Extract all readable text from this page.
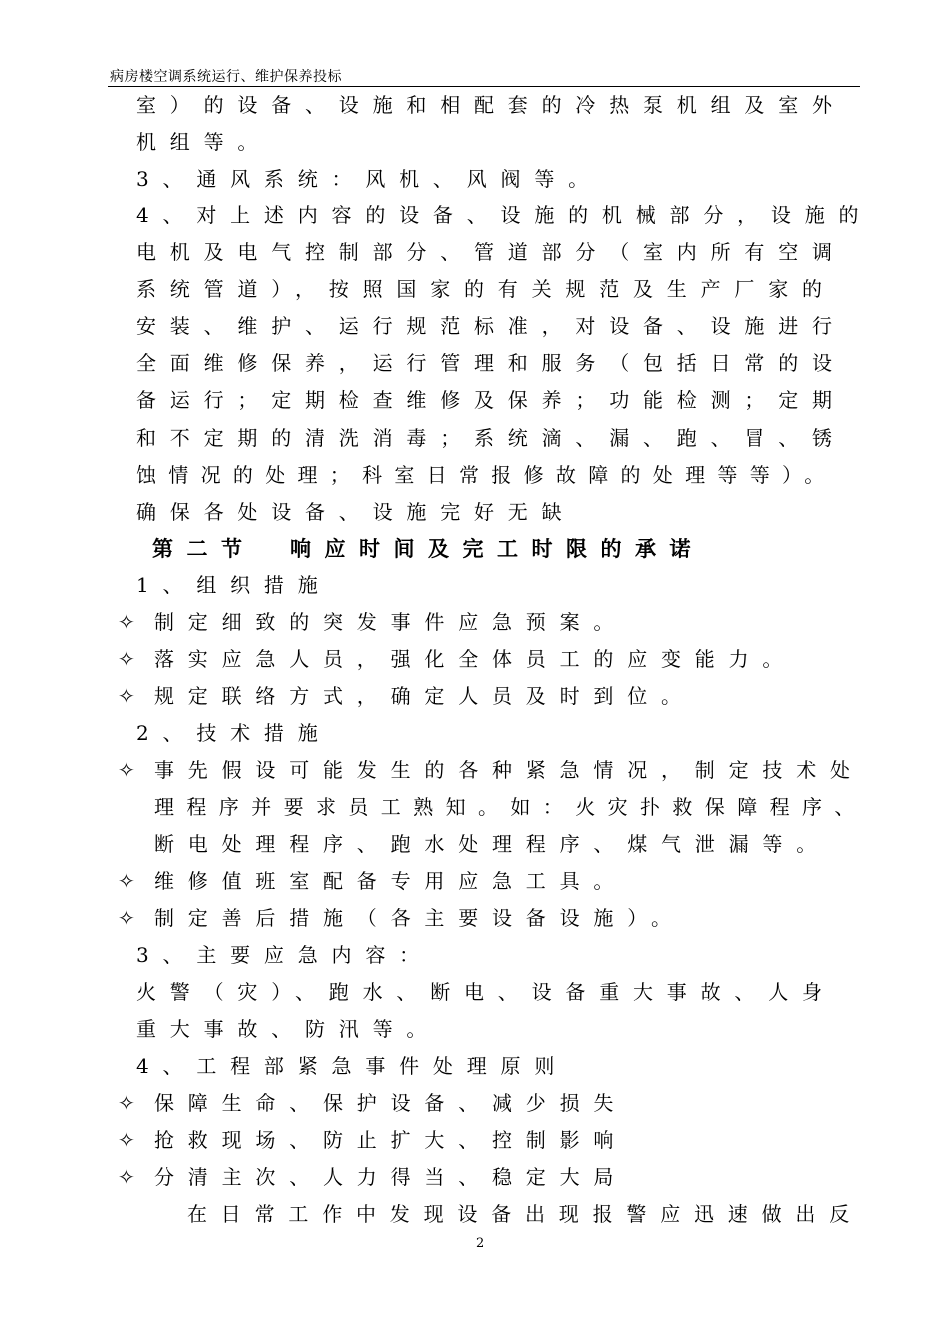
病房楼空调系统运行、维护保养投标
室）的设备、设施和相配套的冷热泵机组及室外
机组等。
3、通风系统：风机、风阀等。
4、对上述内容的设备、设施的机械部分，设施的
电机及电气控制部分、管道部分（室内所有空调
系统管道），按照国家的有关规范及生产厂家的
安装、维护、运行规范标准，对设备、设施进行
全面维修保养，运行管理和服务（包括日常的设
备运行；定期检查维修及保养；功能检测；定期
和不定期的清洗消毒；系统滴、漏、跑、冒、锈
蚀情况的处理；科室日常报修故障的处理等等）。
确保各处设备、设施完好无缺
第二节　响应时间及完工时限的承诺
1、组织措施
✧ 制定细致的突发事件应急预案。
✧ 落实应急人员，强化全体员工的应变能力。
✧ 规定联络方式，确定人员及时到位。
2、技术措施
✧ 事先假设可能发生的各种紧急情况，制定技术处
理程序并要求员工熟知。如：火灾扑救保障程序、
断电处理程序、跑水处理程序、煤气泄漏等。
✧ 维修值班室配备专用应急工具。
✧ 制定善后措施（各主要设备设施）。
3、主要应急内容：
火警（灾）、跑水、断电、设备重大事故、人身
重大事故、防汛等。
4、工程部紧急事件处理原则
✧ 保障生命、保护设备、减少损失
✧ 抢救现场、防止扩大、控制影响
✧ 分清主次、人力得当、稳定大局
在日常工作中发现设备出现报警应迅速做出反
2
